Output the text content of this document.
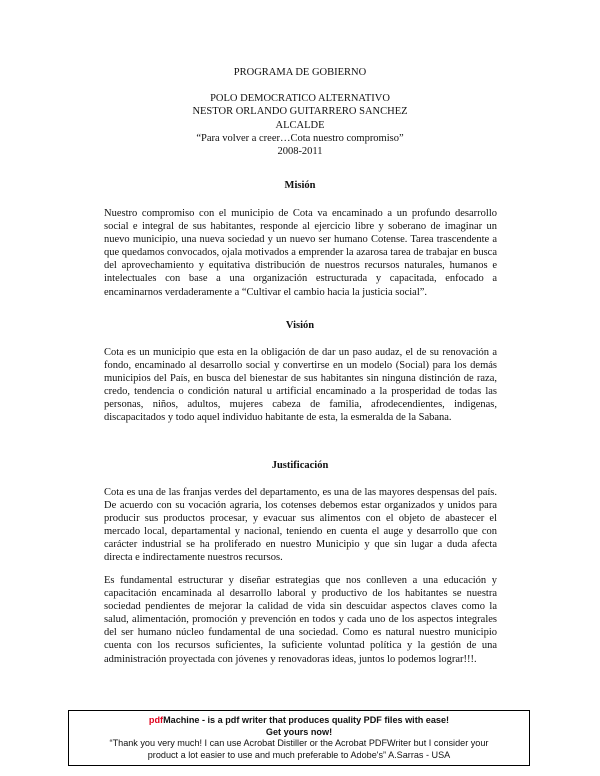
PROGRAMA DE GOBIERNO
POLO DEMOCRATICO ALTERNATIVO
NESTOR ORLANDO GUITARRERO SANCHEZ
ALCALDE
“Para volver a creer…Cota nuestro compromiso”
2008-2011
Misión

Nuestro compromiso con el municipio de Cota va encaminado a un profundo desarrollo social e integral de sus habitantes, responde al ejercicio libre y soberano de imaginar un nuevo municipio, una nueva sociedad y un nuevo ser humano Cotense. Tarea trascendente a que quedamos convocados, ojala motivados a emprender la azarosa tarea de trabajar en busca del aprovechamiento y equitativa distribución de nuestros recursos naturales, humanos e intelectuales con base a una organización estructurada y capacitada, enfocado a encaminarnos verdaderamente a “Cultivar el cambio hacia la justicia social”.

Visión

Cota es un municipio que esta en la obligación de dar un paso audaz, el de su renovación a fondo, encaminado al desarrollo social y convertirse en un modelo (Social) para los demás municipios del País, en busca del bienestar de sus habitantes sin ninguna distinción de raza, credo, tendencia o condición natural u artificial encaminado a la prosperidad de todas las personas, niños, adultos, mujeres cabeza de familia, afrodecendientes, indigenas, discapacitados y todo aquel individuo habitante de esta, la esmeralda de la Sabana.

Justificación

Cota es una de las franjas verdes del departamento, es una de las mayores despensas del país. De acuerdo con su vocación agraria, los cotenses debemos estar organizados y unidos para producir sus productos procesar, y evacuar sus alimentos con el objeto de abastecer el mercado local, departamental y nacional, teniendo en cuenta el auge y desarrollo que con carácter industrial se ha proliferado en nuestro Municipio y que sin lugar a duda afecta directa e indirectamente nuestros recursos.

Es fundamental estructurar y diseñar estrategias que nos conlleven a una educación y capacitación encaminada al desarrollo laboral y productivo de los habitantes se nuestra sociedad pendientes de mejorar la calidad de vida sin descuidar aspectos claves como la salud, alimentación, promoción y prevención en todos y cada uno de los aspectos integrales del ser humano núcleo fundamental de una sociedad. Como es natural nuestro municipio cuenta con los recursos suficientes, la suficiente voluntad política y la gestión de una administración proyectada con jóvenes y renovadoras ideas, juntos lo podemos lograr!!!.

pdfMachine - is a pdf writer that produces quality PDF files with ease!
Get yours now!
“Thank you very much! I can use Acrobat Distiller or the Acrobat PDFWriter but I consider your
product a lot easier to use and much preferable to Adobe's” A.Sarras - USA
